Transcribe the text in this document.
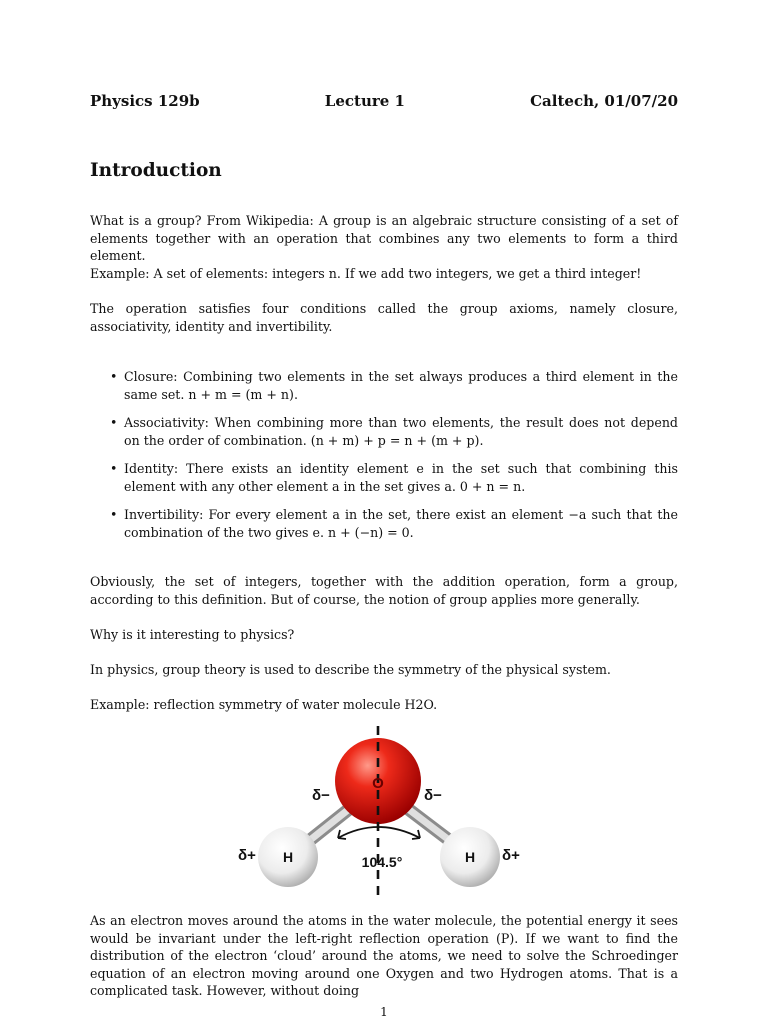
Physics 129b	Lecture 1	Caltech, 01/07/20
Introduction

What is a group? From Wikipedia: A group is an algebraic structure consisting of a set of elements together with an operation that combines any two elements to form a third element.

Example: A set of elements: integers n. If we add two integers, we get a third integer!

The operation satisfies four conditions called the group axioms, namely closure, associativity, identity and invertibility.

• Closure: Combining two elements in the set always produces a third element in the same set. n + m = (m + n).
• Associativity: When combining more than two elements, the result does not depend on the order of combination. (n + m) + p = n + (m + p).
• Identity: There exists an identity element e in the set such that combining this element with any other element a in the set gives a. 0 + n = n.
• Invertibility: For every element a in the set, there exist an element −a such that the combination of the two gives e. n + (−n) = 0.

Obviously, the set of integers, together with the addition operation, form a group, according to this definition. But of course, the notion of group applies more generally.

Why is it interesting to physics?

In physics, group theory is used to describe the symmetry of the physical system.

Example: reflection symmetry of water molecule H2O.

O
H	H
104.5°
δ−	δ−
δ+	δ+

As an electron moves around the atoms in the water molecule, the potential energy it sees would be invariant under the left-right reflection operation (P). If we want to find the distribution of the electron ‘cloud’ around the atoms, we need to solve the Schroedinger equation of an electron moving around one Oxygen and two Hydrogen atoms. That is a complicated task. However, without doing

1
